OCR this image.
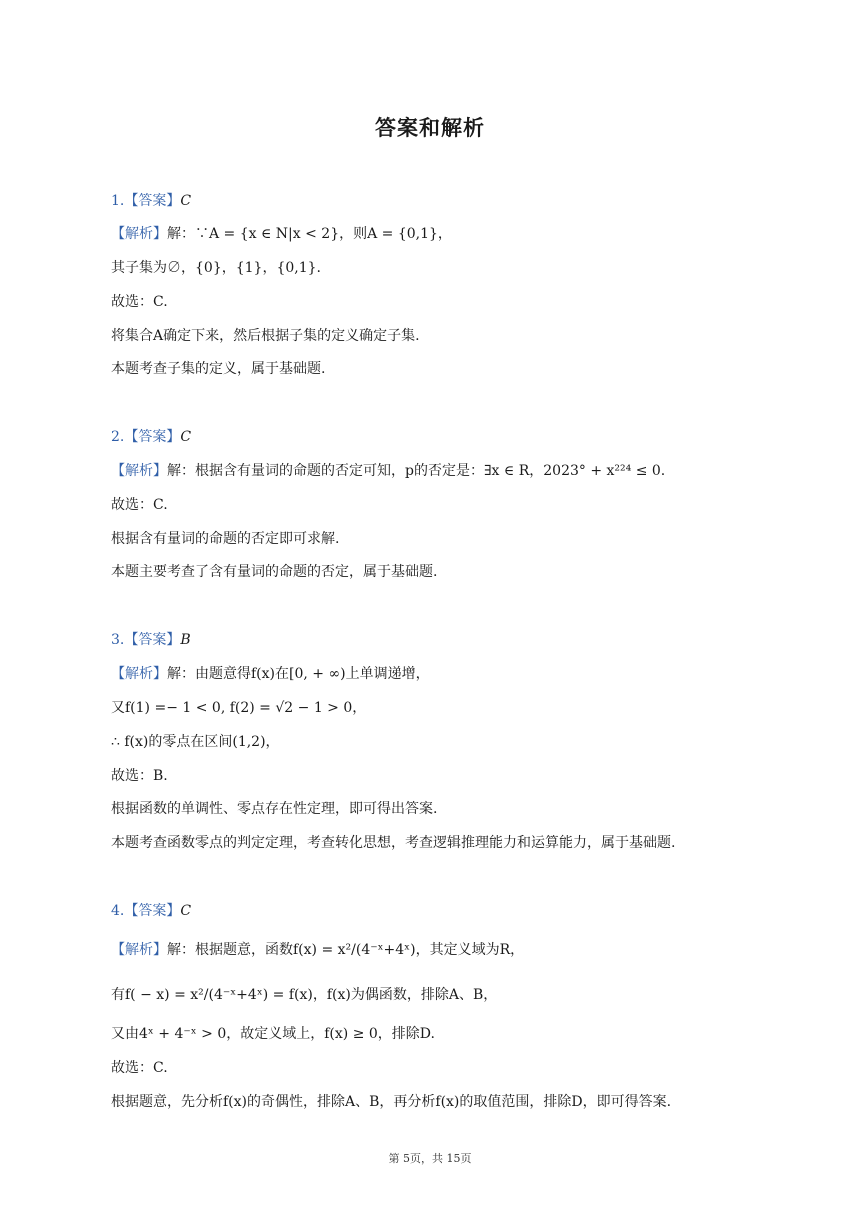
答案和解析
1.【答案】C
【解析】解：∵A = {x ∈ N|x < 2}，则A = {0,1}，
其子集为∅，{0}，{1}，{0,1}.
故选：C.
将集合A确定下来，然后根据子集的定义确定子集.
本题考查子集的定义，属于基础题.
2.【答案】C
【解析】解：根据含有量词的命题的否定可知，p的否定是：∃x ∈ R，2023° + x²²⁴ ≤ 0.
故选：C.
根据含有量词的命题的否定即可求解.
本题主要考查了含有量词的命题的否定，属于基础题.
3.【答案】B
【解析】解：由题意得f(x)在[0, + ∞)上单调递增，
又f(1) =− 1 < 0, f(2) = √2 − 1 > 0，
∴ f(x)的零点在区间(1,2)，
故选：B.
根据函数的单调性、零点存在性定理，即可得出答案.
本题考查函数零点的判定定理，考查转化思想，考查逻辑推理能力和运算能力，属于基础题.
4.【答案】C
【解析】解：根据题意，函数f(x) = x²/(4⁻ˣ+4ˣ)，其定义域为R，
有f( − x) = x²/(4⁻ˣ+4ˣ) = f(x)，f(x)为偶函数，排除A、B，
又由4ˣ + 4⁻ˣ > 0，故定义域上，f(x) ≥ 0，排除D.
故选：C.
根据题意，先分析f(x)的奇偶性，排除A、B，再分析f(x)的取值范围，排除D，即可得答案.
第 5页，共 15页
